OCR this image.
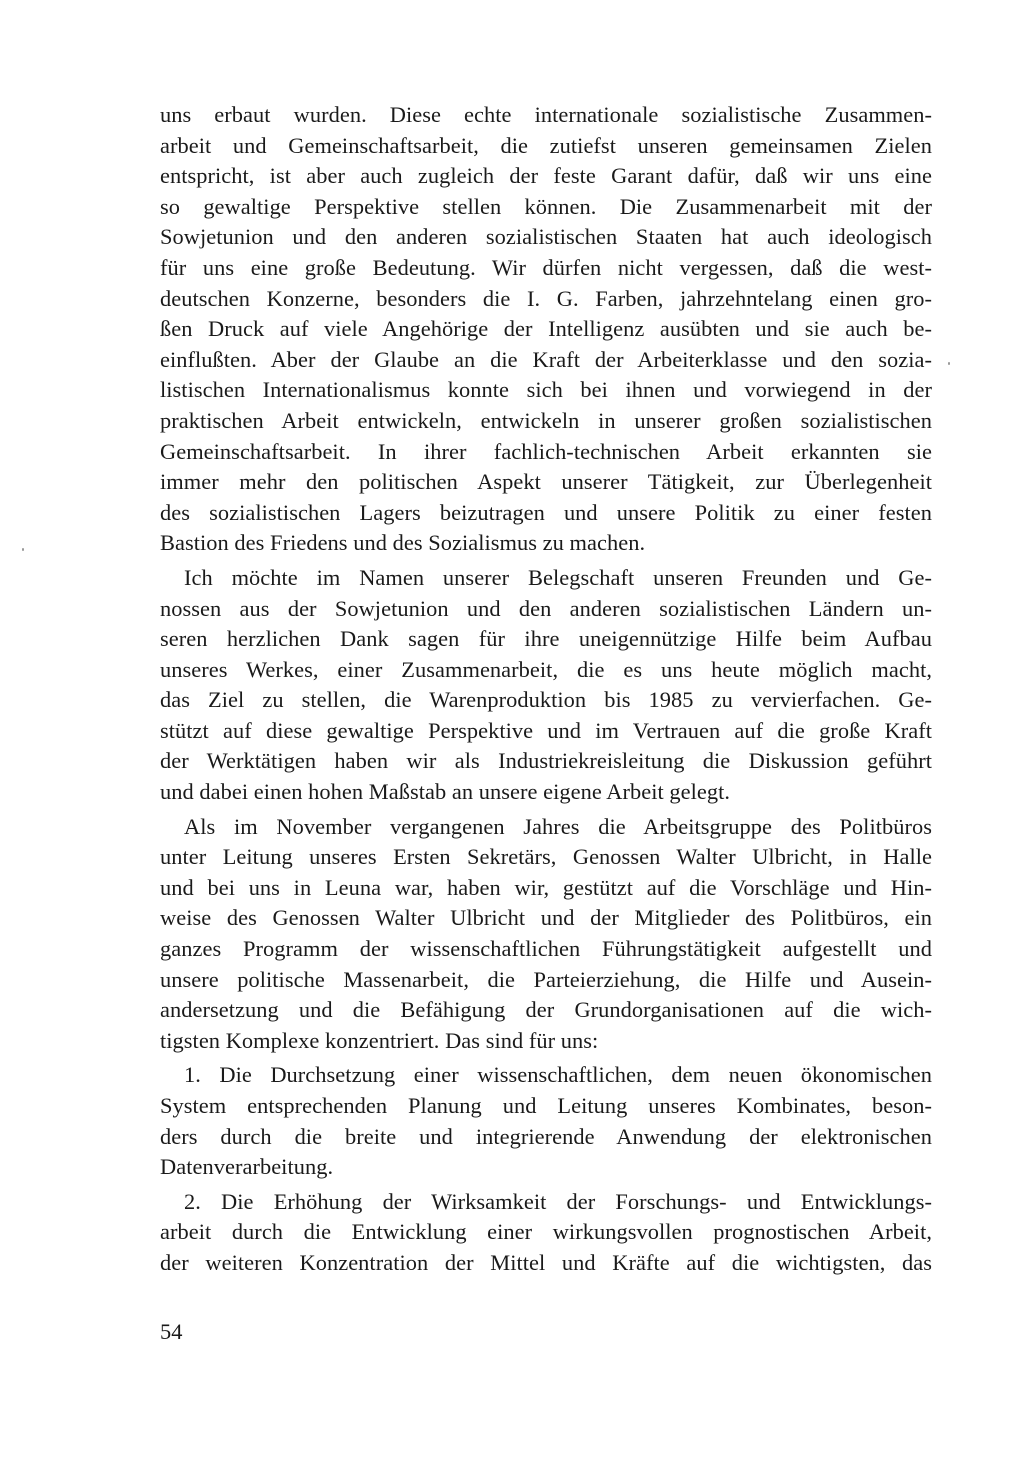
uns erbaut wurden. Diese echte internationale sozialistische Zusammen-
arbeit und Gemeinschaftsarbeit, die zutiefst unseren gemeinsamen Zielen
entspricht, ist aber auch zugleich der feste Garant dafür, daß wir uns eine
so gewaltige Perspektive stellen können. Die Zusammenarbeit mit der
Sowjetunion und den anderen sozialistischen Staaten hat auch ideologisch
für uns eine große Bedeutung. Wir dürfen nicht vergessen, daß die west-
deutschen Konzerne, besonders die I. G. Farben, jahrzehntelang einen gro-
ßen Druck auf viele Angehörige der Intelligenz ausübten und sie auch be-
einflußten. Aber der Glaube an die Kraft der Arbeiterklasse und den sozia-
listischen Internationalismus konnte sich bei ihnen und vorwiegend in der
praktischen Arbeit entwickeln, entwickeln in unserer großen sozialistischen
Gemeinschaftsarbeit. In ihrer fachlich-technischen Arbeit erkannten sie
immer mehr den politischen Aspekt unserer Tätigkeit, zur Überlegenheit
des sozialistischen Lagers beizutragen und unsere Politik zu einer festen
Bastion des Friedens und des Sozialismus zu machen.

Ich möchte im Namen unserer Belegschaft unseren Freunden und Ge-
nossen aus der Sowjetunion und den anderen sozialistischen Ländern un-
seren herzlichen Dank sagen für ihre uneigennützige Hilfe beim Aufbau
unseres Werkes, einer Zusammenarbeit, die es uns heute möglich macht,
das Ziel zu stellen, die Warenproduktion bis 1985 zu vervierfachen. Ge-
stützt auf diese gewaltige Perspektive und im Vertrauen auf die große Kraft
der Werktätigen haben wir als Industriekreisleitung die Diskussion geführt
und dabei einen hohen Maßstab an unsere eigene Arbeit gelegt.

Als im November vergangenen Jahres die Arbeitsgruppe des Politbüros
unter Leitung unseres Ersten Sekretärs, Genossen Walter Ulbricht, in Halle
und bei uns in Leuna war, haben wir, gestützt auf die Vorschläge und Hin-
weise des Genossen Walter Ulbricht und der Mitglieder des Politbüros, ein
ganzes Programm der wissenschaftlichen Führungstätigkeit aufgestellt und
unsere politische Massenarbeit, die Parteierziehung, die Hilfe und Ausein-
andersetzung und die Befähigung der Grundorganisationen auf die wich-
tigsten Komplexe konzentriert. Das sind für uns:

1. Die Durchsetzung einer wissenschaftlichen, dem neuen ökonomischen
System entsprechenden Planung und Leitung unseres Kombinates, beson-
ders durch die breite und integrierende Anwendung der elektronischen
Datenverarbeitung.

2. Die Erhöhung der Wirksamkeit der Forschungs- und Entwicklungs-
arbeit durch die Entwicklung einer wirkungsvollen prognostischen Arbeit,
der weiteren Konzentration der Mittel und Kräfte auf die wichtigsten, das

54
